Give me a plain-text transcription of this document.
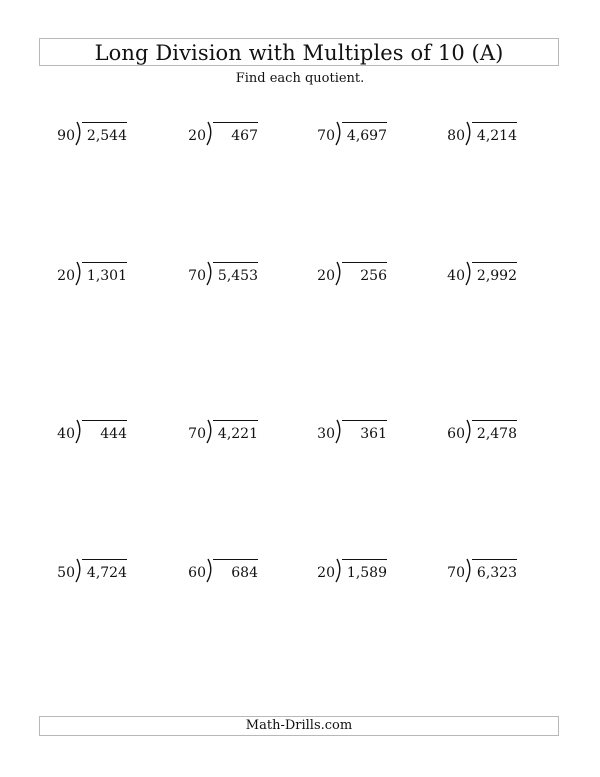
Long Division with Multiples of 10 (A)
Find each quotient.
90 2,544	20	467	70 4,697	80 4,214
20 1,301	70 5,453	20	256	40 2,992
40	444	70 4,221	30	361	60 2,478
50 4,724	60	684	20 1,589	70 6,323
Math-Drills.com
